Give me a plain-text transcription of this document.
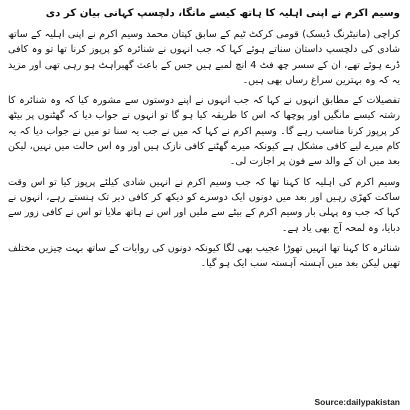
وسیم اکرم نے اپنی اہلیہ کا ہاتھ کیسے مانگا، دلچسپ کہانی بیان کر دی

کراچی (مانیٹرنگ ڈیسک) قومی کرکٹ ٹیم کے سابق کپتان محمد وسیم اکرم نے اپنی اہلیہ کے ساتھ شادی کی دلچسپ داستان سناتے ہوئے کہا کہ جب انہوں نے شنائرہ کو پرپوز کرنا تھا تو وہ کافی ڈرے ہوئے تھے، ان کے سسر چھ فٹ 4 انچ لمبے ہیں جس کے باعث گھبراہٹ ہو رہی تھی اور مزید یہ کہ وہ بہترین سراغ رساں بھی ہیں۔

تفصیلات کے مطابق انہوں نے کہا کہ جب انہوں نے اپنے دوستوں سے مشورہ کیا کہ وہ شنائرہ کا رشتہ کیسے مانگیں اور پوچھا کہ اس کا طریقہ کیا ہو گا تو انہوں نے جواب دیا کہ گھٹنوں پر بیٹھ کر پرپوز کرنا مناسب رہے گا۔ وسیم اکرم نے کہا کہ میں نے جب یہ سنا تو میں نے جواب دیا کہ یہ کام میرے لیے کافی مشکل ہے کیونکہ میرے گھٹنے کافی نازک ہیں اور وہ اس حالت میں نہیں، لیکن بعد میں ان کے والد سے فون پر اجازت لی۔

وسیم اکرم کی اہلیہ کا کہنا تھا کہ جب وسیم اکرم نے انہیں شادی کیلئے پرپوز کیا تو اس وقت ساکت کھڑی رہیں اور بعد میں دونوں ایک دوسرے کو دیکھ کر کافی دیر تک ہنستے رہے، انہوں نے کہا کہ جب وہ پہلی بار وسیم اکرم کے بیٹے سے ملیں اور اس نے ہاتھ ملایا تو اس نے کافی زور سے دبایا، وہ لمحہ آج بھی یاد ہے۔

شنائرہ کا کہنا تھا انہیں تھوڑا عجیب بھی لگا کیونکہ دونوں کی روایات کے ساتھ بہت چیزیں مختلف تھیں لیکن بعد میں آہستہ آہستہ سب ایک ہو گیا۔

Source:dailypakistan
